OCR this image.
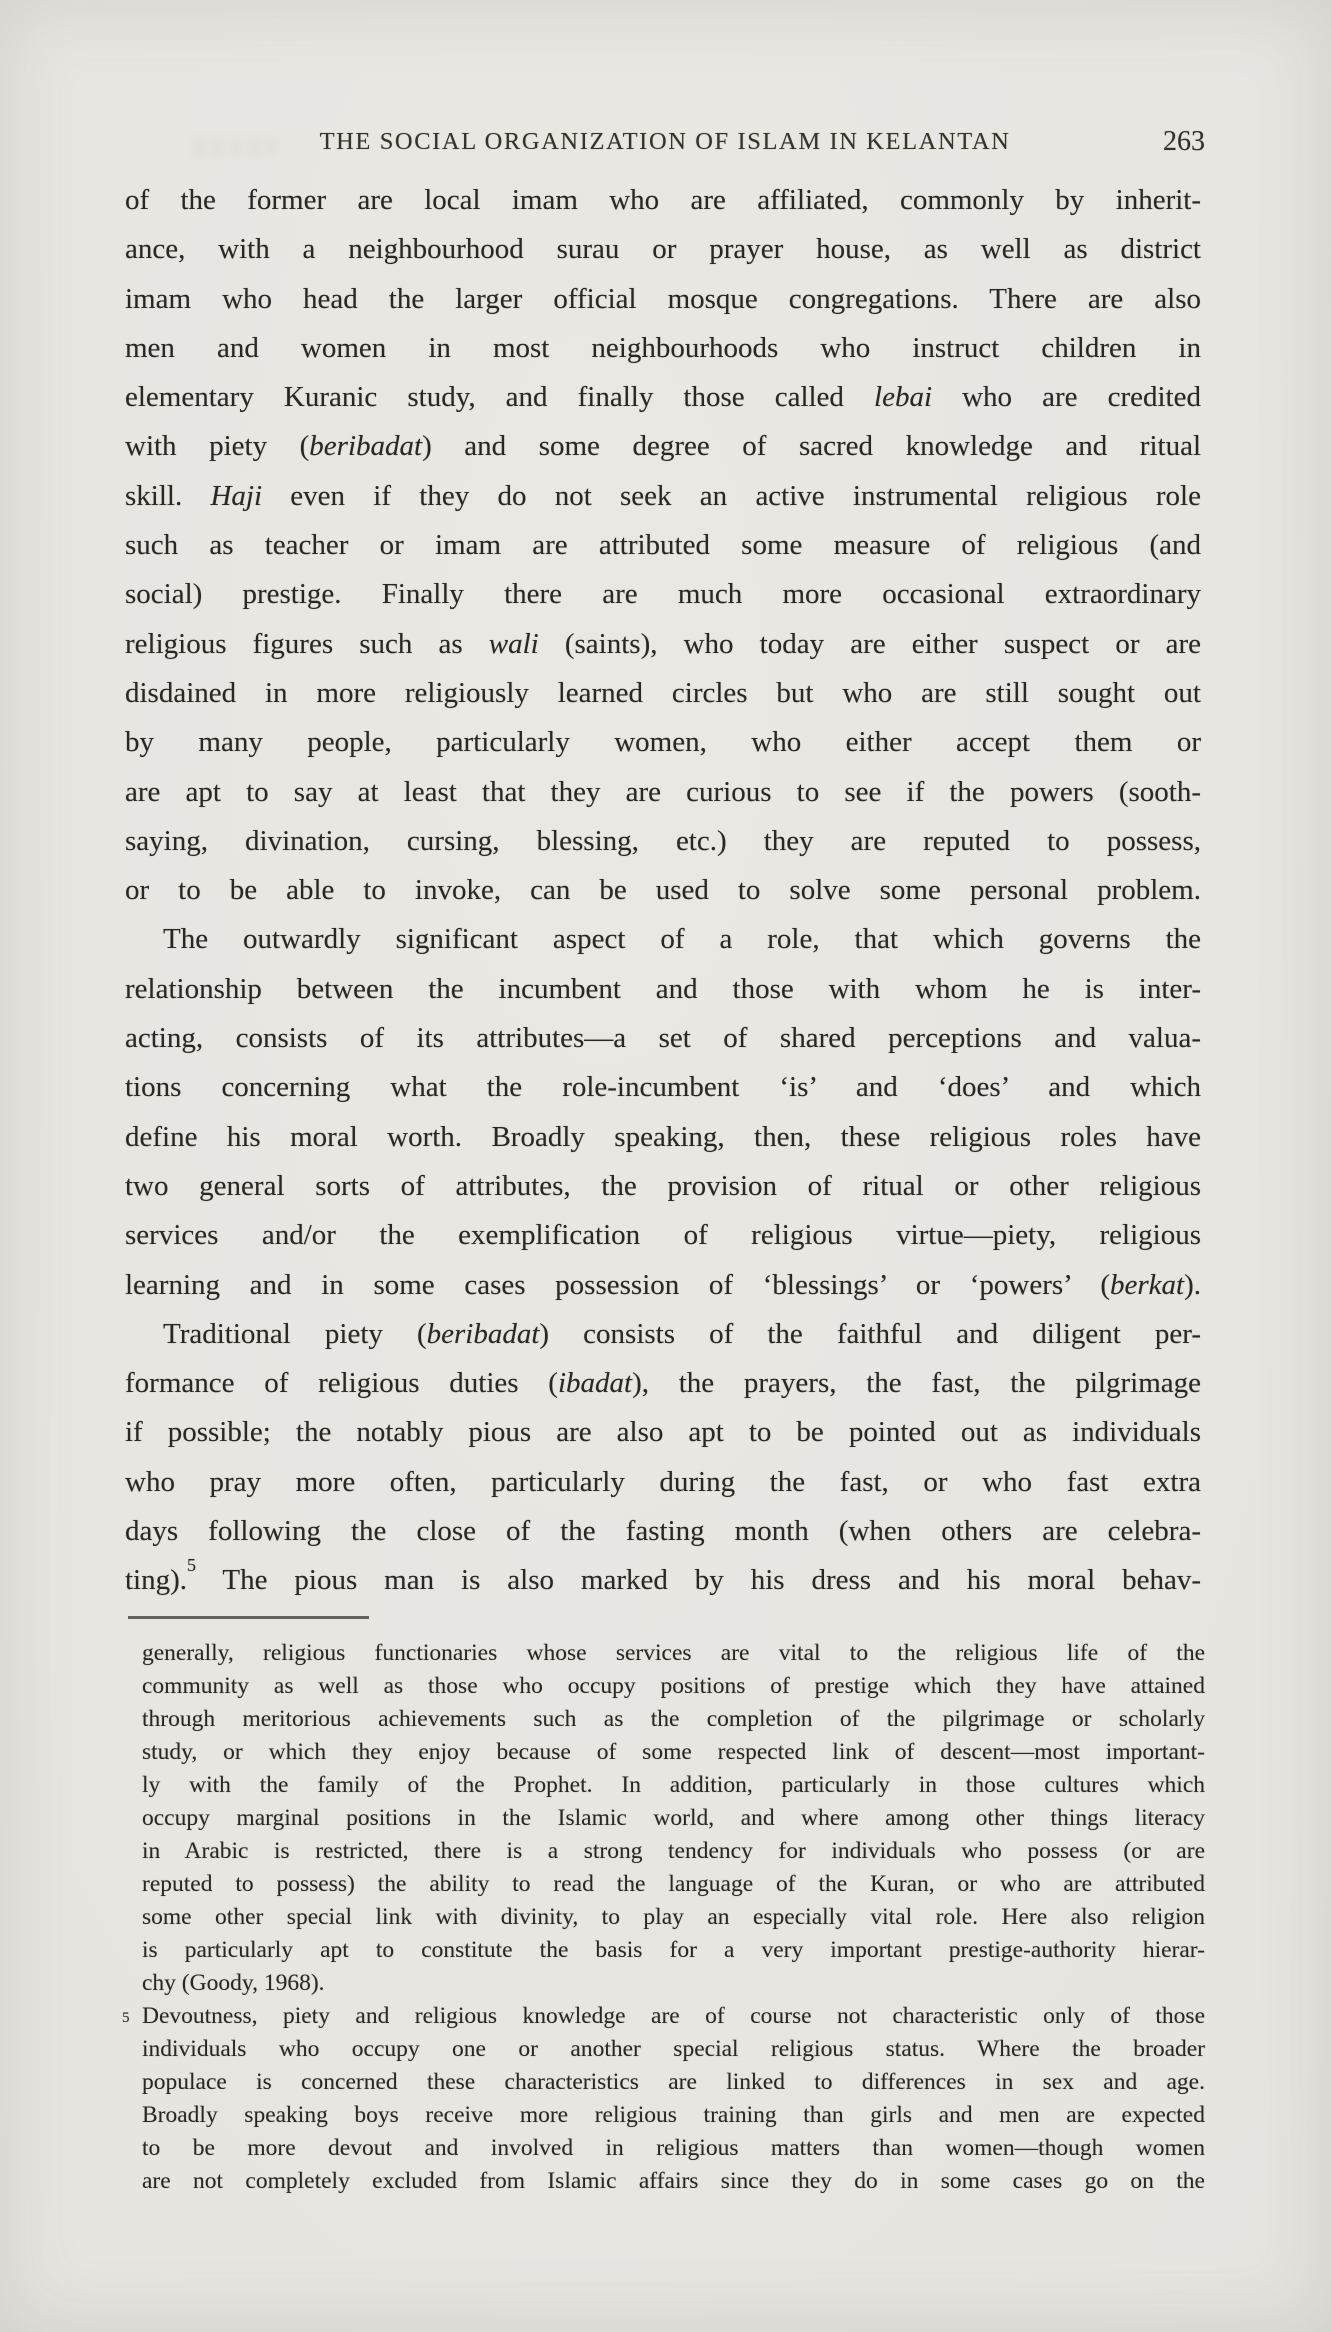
THE SOCIAL ORGANIZATION OF ISLAM IN KELANTAN	263
of the former are local imam who are affiliated, commonly by inherit-
ance, with a neighbourhood surau or prayer house, as well as district
imam who head the larger official mosque congregations. There are also
men and women in most neighbourhoods who instruct children in
elementary Kuranic study, and finally those called lebai who are credited
with piety (beribadat) and some degree of sacred knowledge and ritual
skill. Haji even if they do not seek an active instrumental religious role
such as teacher or imam are attributed some measure of religious (and
social) prestige. Finally there are much more occasional extraordinary
religious figures such as wali (saints), who today are either suspect or are
disdained in more religiously learned circles but who are still sought out
by many people, particularly women, who either accept them or
are apt to say at least that they are curious to see if the powers (sooth-
saying, divination, cursing, blessing, etc.) they are reputed to possess,
or to be able to invoke, can be used to solve some personal problem.
The outwardly significant aspect of a role, that which governs the
relationship between the incumbent and those with whom he is inter-
acting, consists of its attributes—a set of shared perceptions and valua-
tions concerning what the role-incumbent ‘is’ and ‘does’ and which
define his moral worth. Broadly speaking, then, these religious roles have
two general sorts of attributes, the provision of ritual or other religious
services and/or the exemplification of religious virtue—piety, religious
learning and in some cases possession of ‘blessings’ or ‘powers’ (berkat).
Traditional piety (beribadat) consists of the faithful and diligent per-
formance of religious duties (ibadat), the prayers, the fast, the pilgrimage
if possible; the notably pious are also apt to be pointed out as individuals
who pray more often, particularly during the fast, or who fast extra
days following the close of the fasting month (when others are celebra-
ting).$^5$ The pious man is also marked by his dress and his moral behav-
generally, religious functionaries whose services are vital to the religious life of the
community as well as those who occupy positions of prestige which they have attained
through meritorious achievements such as the completion of the pilgrimage or scholarly
study, or which they enjoy because of some respected link of descent—most important-
ly with the family of the Prophet. In addition, particularly in those cultures which
occupy marginal positions in the Islamic world, and where among other things literacy
in Arabic is restricted, there is a strong tendency for individuals who possess (or are
reputed to possess) the ability to read the language of the Kuran, or who are attributed
some other special link with divinity, to play an especially vital role. Here also religion
is particularly apt to constitute the basis for a very important prestige-authority hierar-
chy (Goody, 1968).
5 Devoutness, piety and religious knowledge are of course not characteristic only of those
individuals who occupy one or another special religious status. Where the broader
populace is concerned these characteristics are linked to differences in sex and age.
Broadly speaking boys receive more religious training than girls and men are expected
to be more devout and involved in religious matters than women—though women
are not completely excluded from Islamic affairs since they do in some cases go on the
